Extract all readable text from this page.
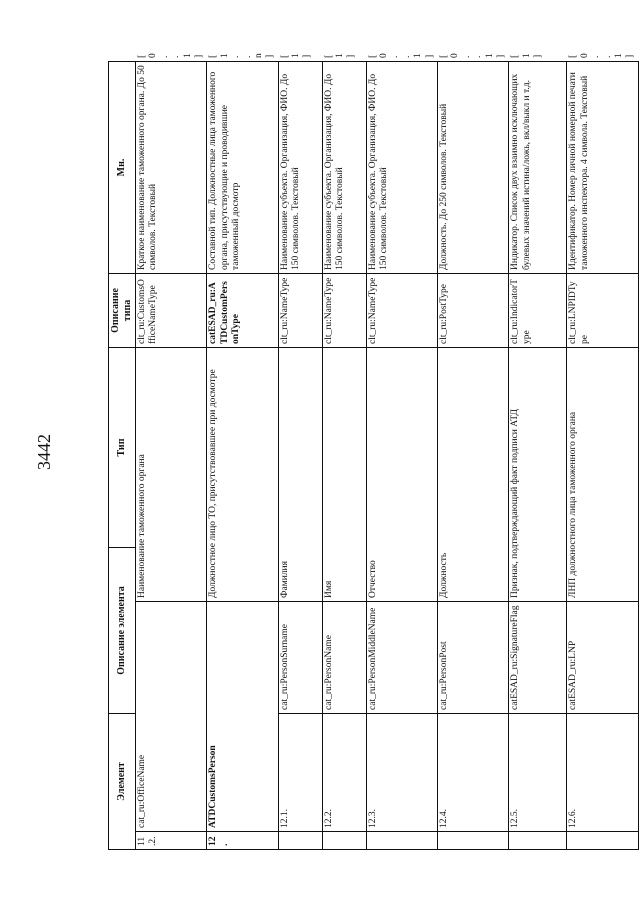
3442
Элемент		Описание элемента		Тип	Описание типа	Мн.	
11.2.	cat_ru:OfficeName		Наименование таможенного органа		clt_ru:CustomsOfficeNameType	Краткое наименование таможенного органа. До 50 символов. Текстовый	[0..1]
12.	ATDCustomsPerson		Должностное лицо ТО, присутствовавшее при досмотре		catESAD_ru:ATDCustomPersonType	Составной тип. Должностные лица таможенного органа, присутствующие и проводившие таможенный досмотр	[1..n]
	12.1.	cat_ru:PersonSurname	Фамилия		clt_ru:NameType	Наименование субъекта. Организация, ФИО. До 150 символов. Текстовый	[1]
	12.2.	cat_ru:PersonName	Имя		clt_ru:NameType	Наименование субъекта. Организация, ФИО. До 150 символов. Текстовый	[1]
	12.3.	cat_ru:PersonMiddleName	Отчество		clt_ru:NameType	Наименование субъекта. Организация, ФИО. До 150 символов. Текстовый	[0..1]
	12.4.	cat_ru:PersonPost	Должность		clt_ru:PostType	Должность. До 250 символов. Текстовый	[0..1]
	12.5.	catESAD_ru:SignatureFlag	Признак, подтверждающий факт подписи АТД		clt_ru:IndicatorType	Индикатор. Список двух взаимно исключающих булевых значений истина/ложь, вкл/выкл и т.д.	[1]
	12.6.	catESAD_ru:LNP	ЛНП должностного лица таможенного органа		clt_ru:LNPIDType	Идентификатор. Номер личной номерной печати таможенного инспектора. 4 символа. Текстовый	[0..1]
